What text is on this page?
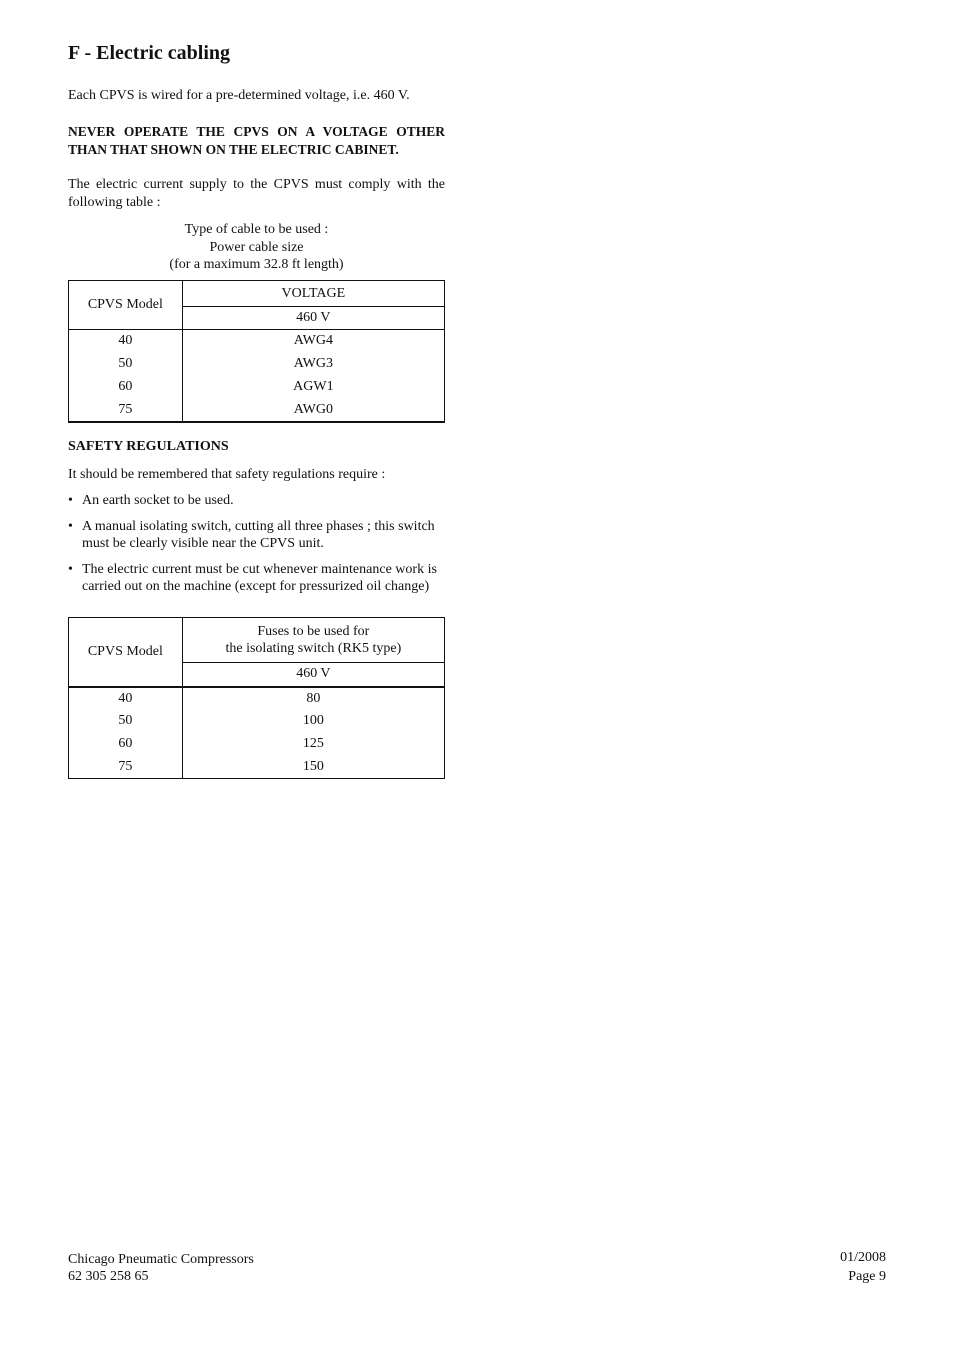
F - Electric cabling

Each CPVS is wired for a pre-determined voltage, i.e. 460 V.

NEVER OPERATE THE CPVS ON A VOLTAGE OTHER THAN THAT SHOWN ON THE ELECTRIC CABINET.

The electric current supply to the CPVS must comply with the following table :

Type of cable to be used :
Power cable size
(for a maximum 32.8 ft length)
CPVS Model	VOLTAGE
	460 V
40	AWG4
50	AWG3
60	AGW1
75	AWG0
SAFETY REGULATIONS

It should be remembered that safety regulations require :

• An earth socket to be used.
• A manual isolating switch, cutting all three phases ; this switch must be clearly visible near the CPVS unit.
• The electric current must be cut whenever maintenance work is carried out on the machine (except for pressurized oil change)
CPVS Model	Fuses to be used for
the isolating switch (RK5 type)

	460 V
40	80
50	100
60	125
75	150
Chicago Pneumatic Compressors
62 305 258 65
01/2008
Page 9
